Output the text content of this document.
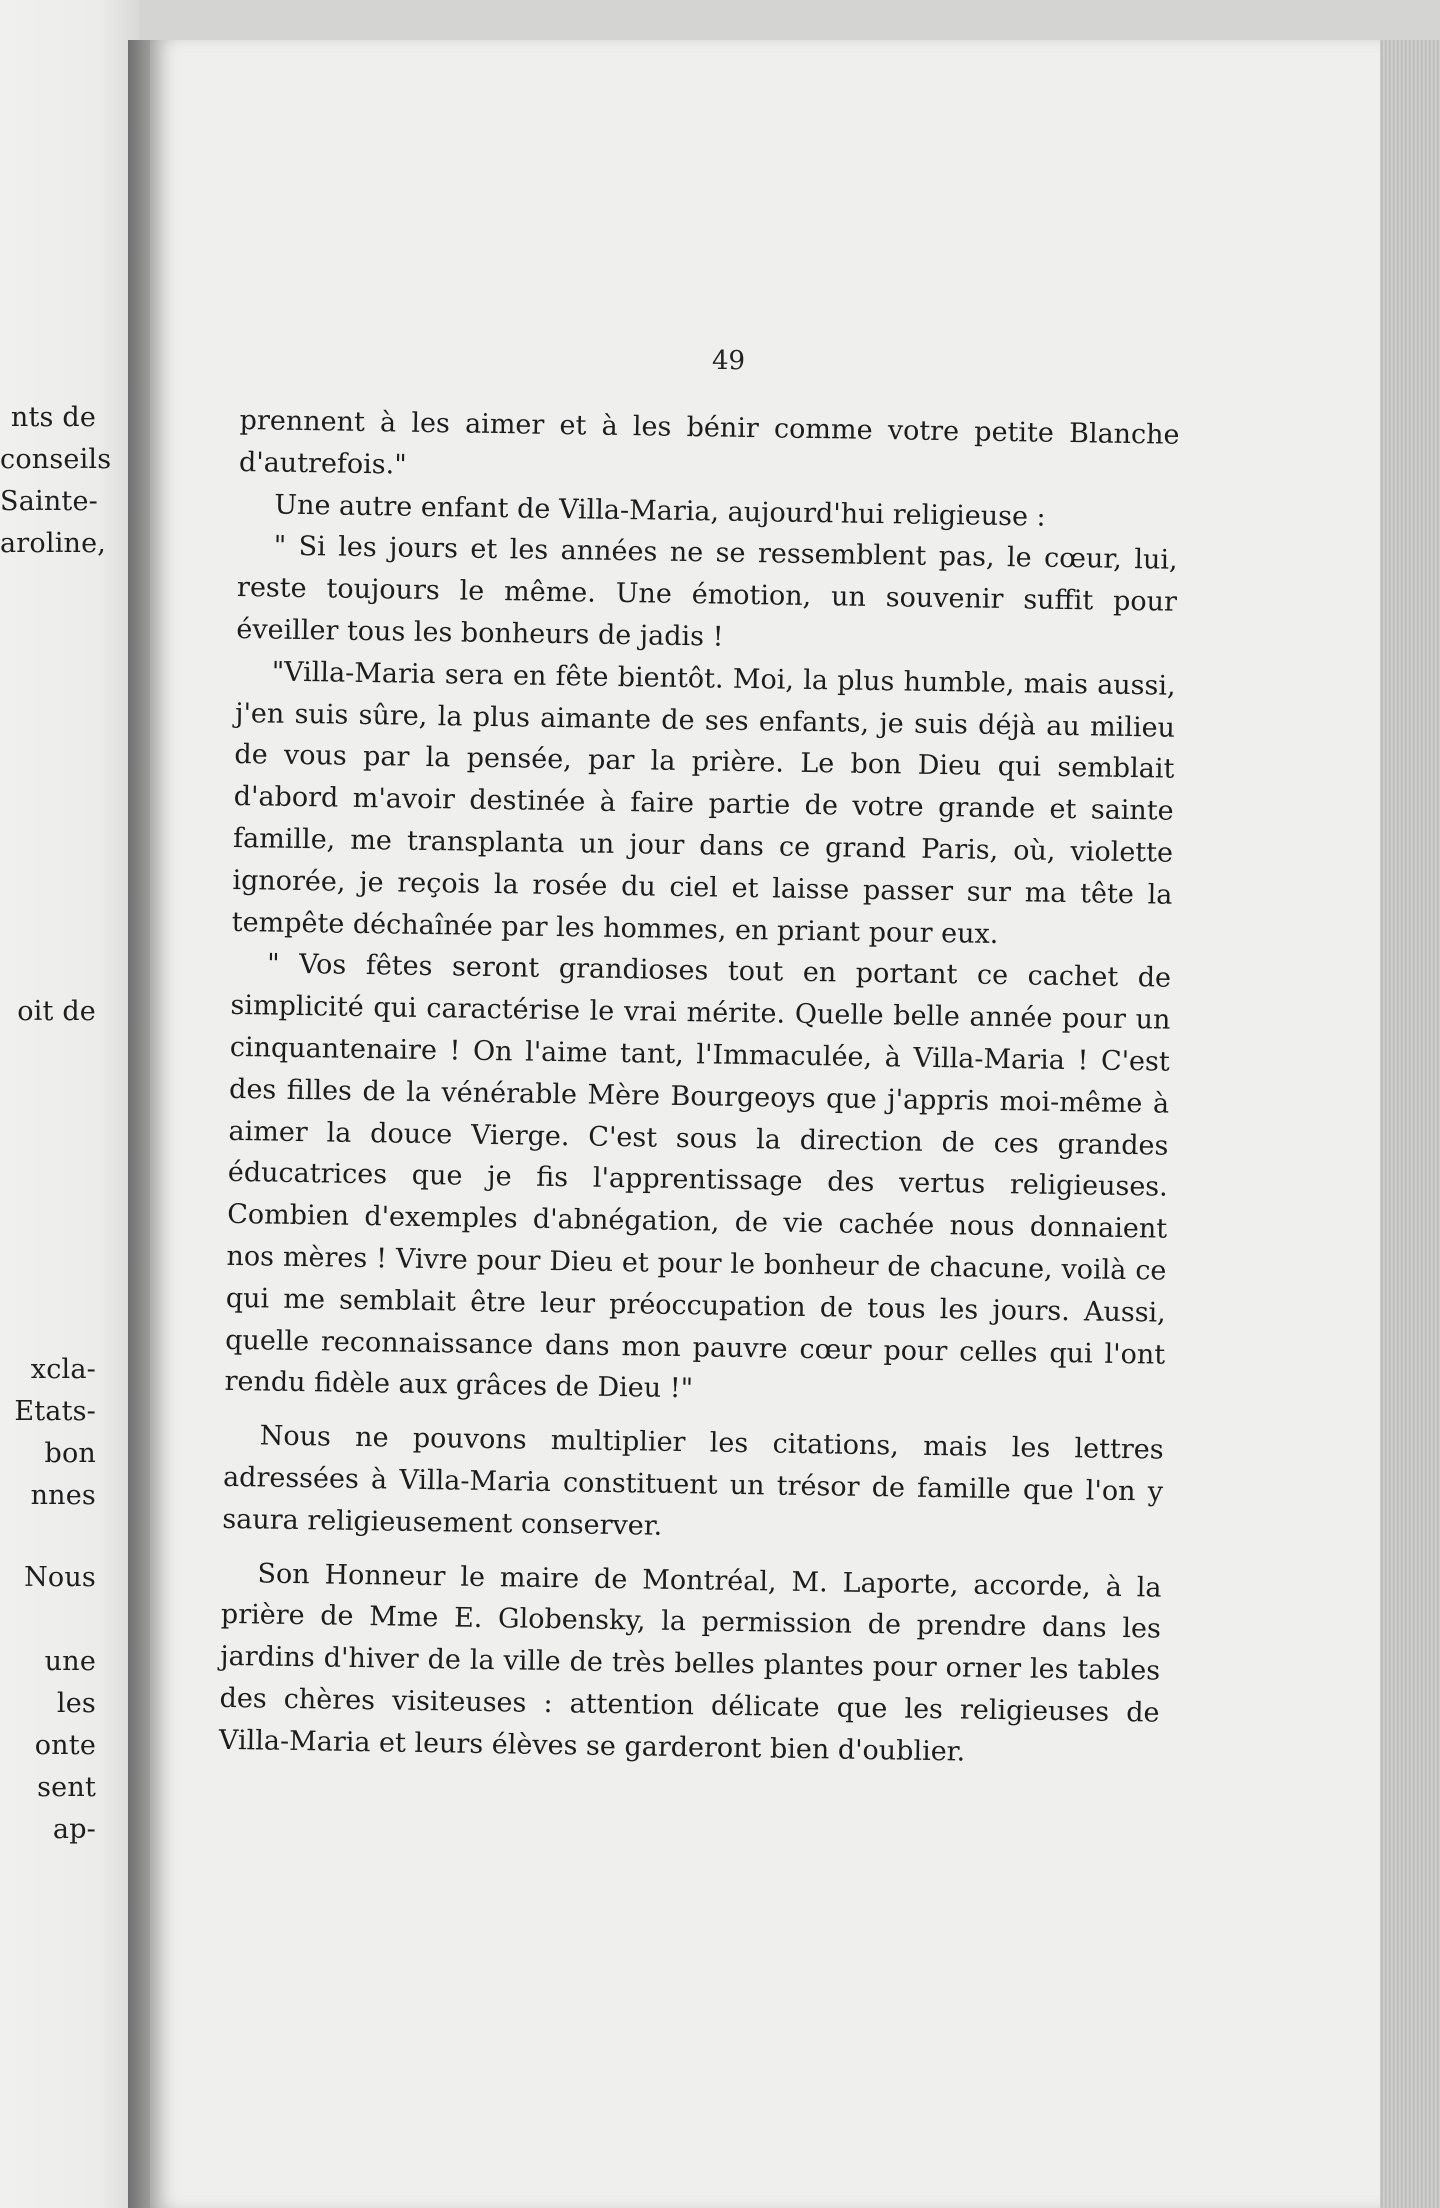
nts de
conseils
Sainte-
aroline,
oit de
xcla-
Etats-
bon
nnes
Nous
une
les
onte
sent
ap-
49

prennent à les aimer et à les bénir comme votre petite Blanche d'autrefois."

Une autre enfant de Villa-Maria, aujourd'hui religieuse :

" Si les jours et les années ne se ressemblent pas, le cœur, lui, reste toujours le même. Une émotion, un souvenir suffit pour éveiller tous les bonheurs de jadis !

"Villa-Maria sera en fête bientôt. Moi, la plus humble, mais aussi, j'en suis sûre, la plus aimante de ses enfants, je suis déjà au milieu de vous par la pensée, par la prière. Le bon Dieu qui semblait d'abord m'avoir destinée à faire partie de votre grande et sainte famille, me transplanta un jour dans ce grand Paris, où, violette ignorée, je reçois la rosée du ciel et laisse passer sur ma tête la tempête déchaînée par les hommes, en priant pour eux.

" Vos fêtes seront grandioses tout en portant ce cachet de simplicité qui caractérise le vrai mérite. Quelle belle année pour un cinquantenaire ! On l'aime tant, l'Immaculée, à Villa-Maria ! C'est des filles de la vénérable Mère Bourgeoys que j'appris moi-même à aimer la douce Vierge. C'est sous la direction de ces grandes éducatrices que je fis l'apprentissage des vertus religieuses. Combien d'exemples d'abnégation, de vie cachée nous donnaient nos mères ! Vivre pour Dieu et pour le bonheur de chacune, voilà ce qui me semblait être leur préoccupation de tous les jours. Aussi, quelle reconnaissance dans mon pauvre cœur pour celles qui l'ont rendu fidèle aux grâces de Dieu !"

Nous ne pouvons multiplier les citations, mais les lettres adressées à Villa-Maria constituent un trésor de famille que l'on y saura religieusement conserver.

Son Honneur le maire de Montréal, M. Laporte, accorde, à la prière de Mme E. Globensky, la permission de prendre dans les jardins d'hiver de la ville de très belles plantes pour orner les tables des chères visiteuses : attention délicate que les religieuses de Villa-Maria et leurs élèves se garderont bien d'oublier.
